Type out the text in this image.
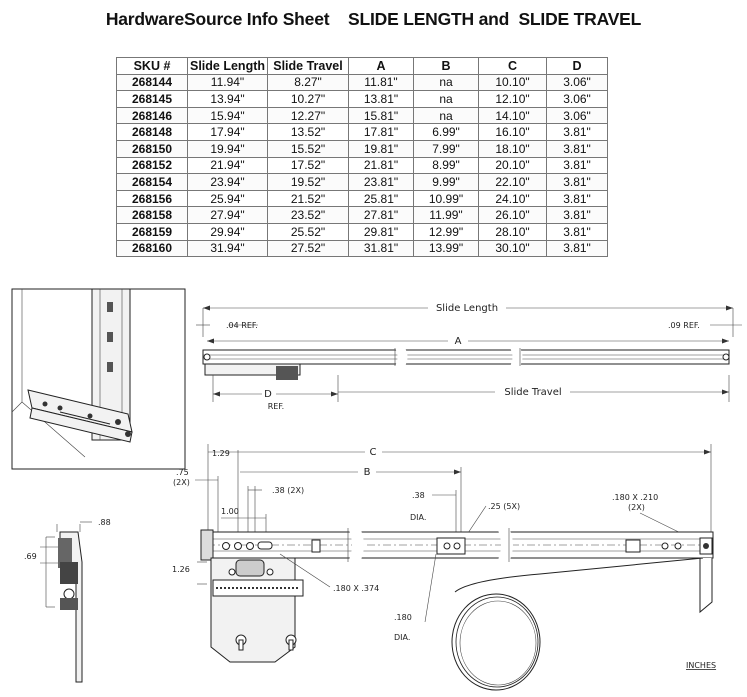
HardwareSource Info Sheet    SLIDE LENGTH and  SLIDE TRAVEL
SKU #	Slide Length	Slide Travel	A	B	C	D
268144	11.94"	8.27"	11.81"	na	10.10"	3.06"
268145	13.94"	10.27"	13.81"	na	12.10"	3.06"
268146	15.94"	12.27"	15.81"	na	14.10"	3.06"
268148	17.94"	13.52"	17.81"	6.99"	16.10"	3.81"
268150	19.94"	15.52"	19.81"	7.99"	18.10"	3.81"
268152	21.94"	17.52"	21.81"	8.99"	20.10"	3.81"
268154	23.94"	19.52"	23.81"	9.99"	22.10"	3.81"
268156	25.94"	21.52"	25.81"	10.99"	24.10"	3.81"
268158	27.94"	23.52"	27.81"	11.99"	26.10"	3.81"
268159	29.94"	25.52"	29.81"	12.99"	28.10"	3.81"
268160	31.94"	27.52"	31.81"	13.99"	30.10"	3.81"
Slide Length
.04 REF.	.09 REF.
A
D
REF.
Slide Travel
C
1.29
B
.75
(2X)
.38 (2X)
.38
DIA.
.25 (5X)
.180 X .210
(2X)
1.00
.180 X .374
.180
DIA.
INCHES
.88
.69
1.26
